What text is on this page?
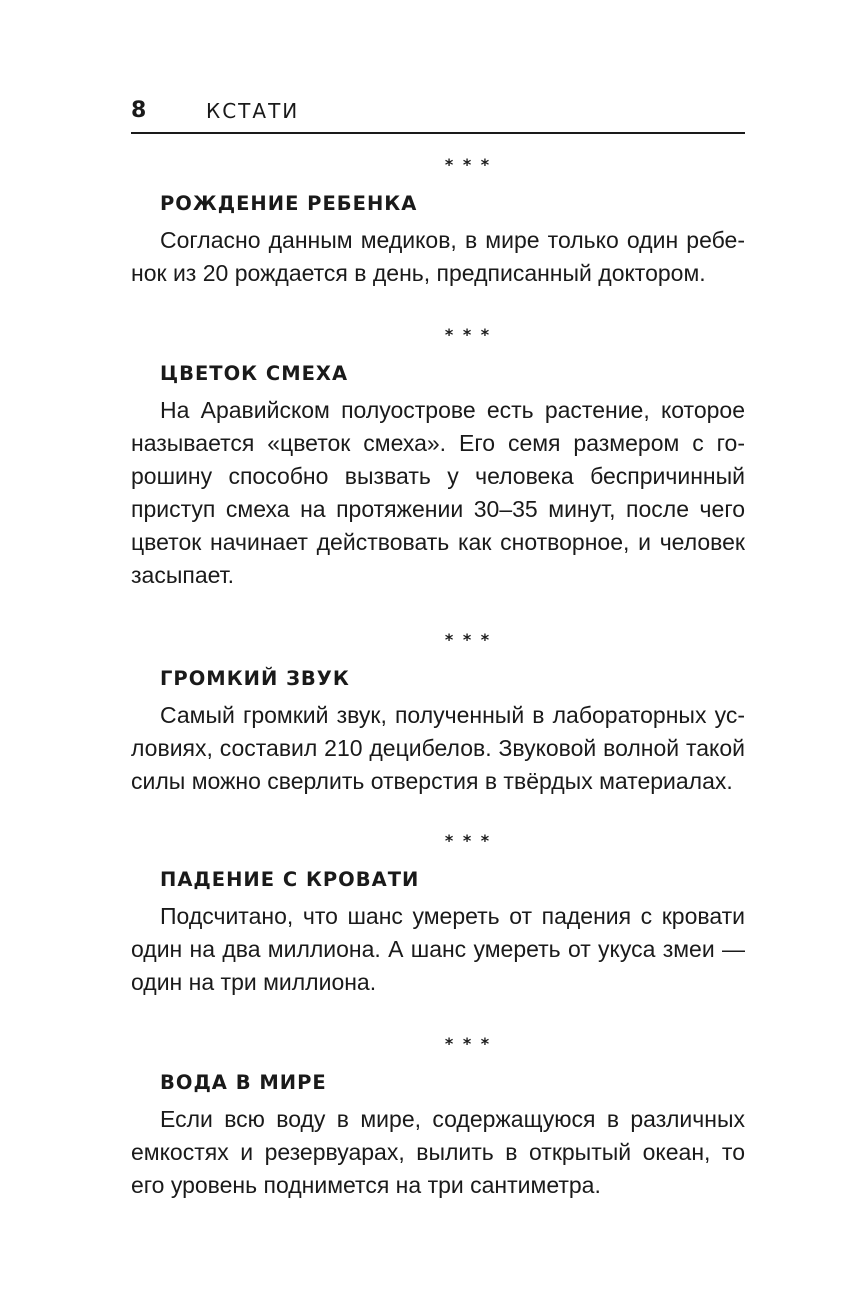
8	КСТАТИ
* * *
РОЖДЕНИЕ РЕБЕНКА

Согласно данным медиков, в мире только один ребенок из 20 рождается в день, предписанный доктором.

* * *
ЦВЕТОК СМЕХА

На Аравийском полуострове есть растение, которое называется «цветок смеха». Его семя размером с горошину способно вызвать у человека беспричинный приступ смеха на протяжении 30–35 минут, после чего цветок начинает действовать как снотворное, и человек засыпает.

* * *
ГРОМКИЙ ЗВУК

Самый громкий звук, полученный в лабораторных условиях, составил 210 децибелов. Звуковой волной такой силы можно сверлить отверстия в твёрдых материалах.

* * *
ПАДЕНИЕ С КРОВАТИ

Подсчитано, что шанс умереть от падения с кровати один на два миллиона. А шанс умереть от укуса змеи — один на три миллиона.

* * *
ВОДА В МИРЕ

Если всю воду в мире, содержащуюся в различных емкостях и резервуарах, вылить в открытый океан, то его уровень поднимется на три сантиметра.
